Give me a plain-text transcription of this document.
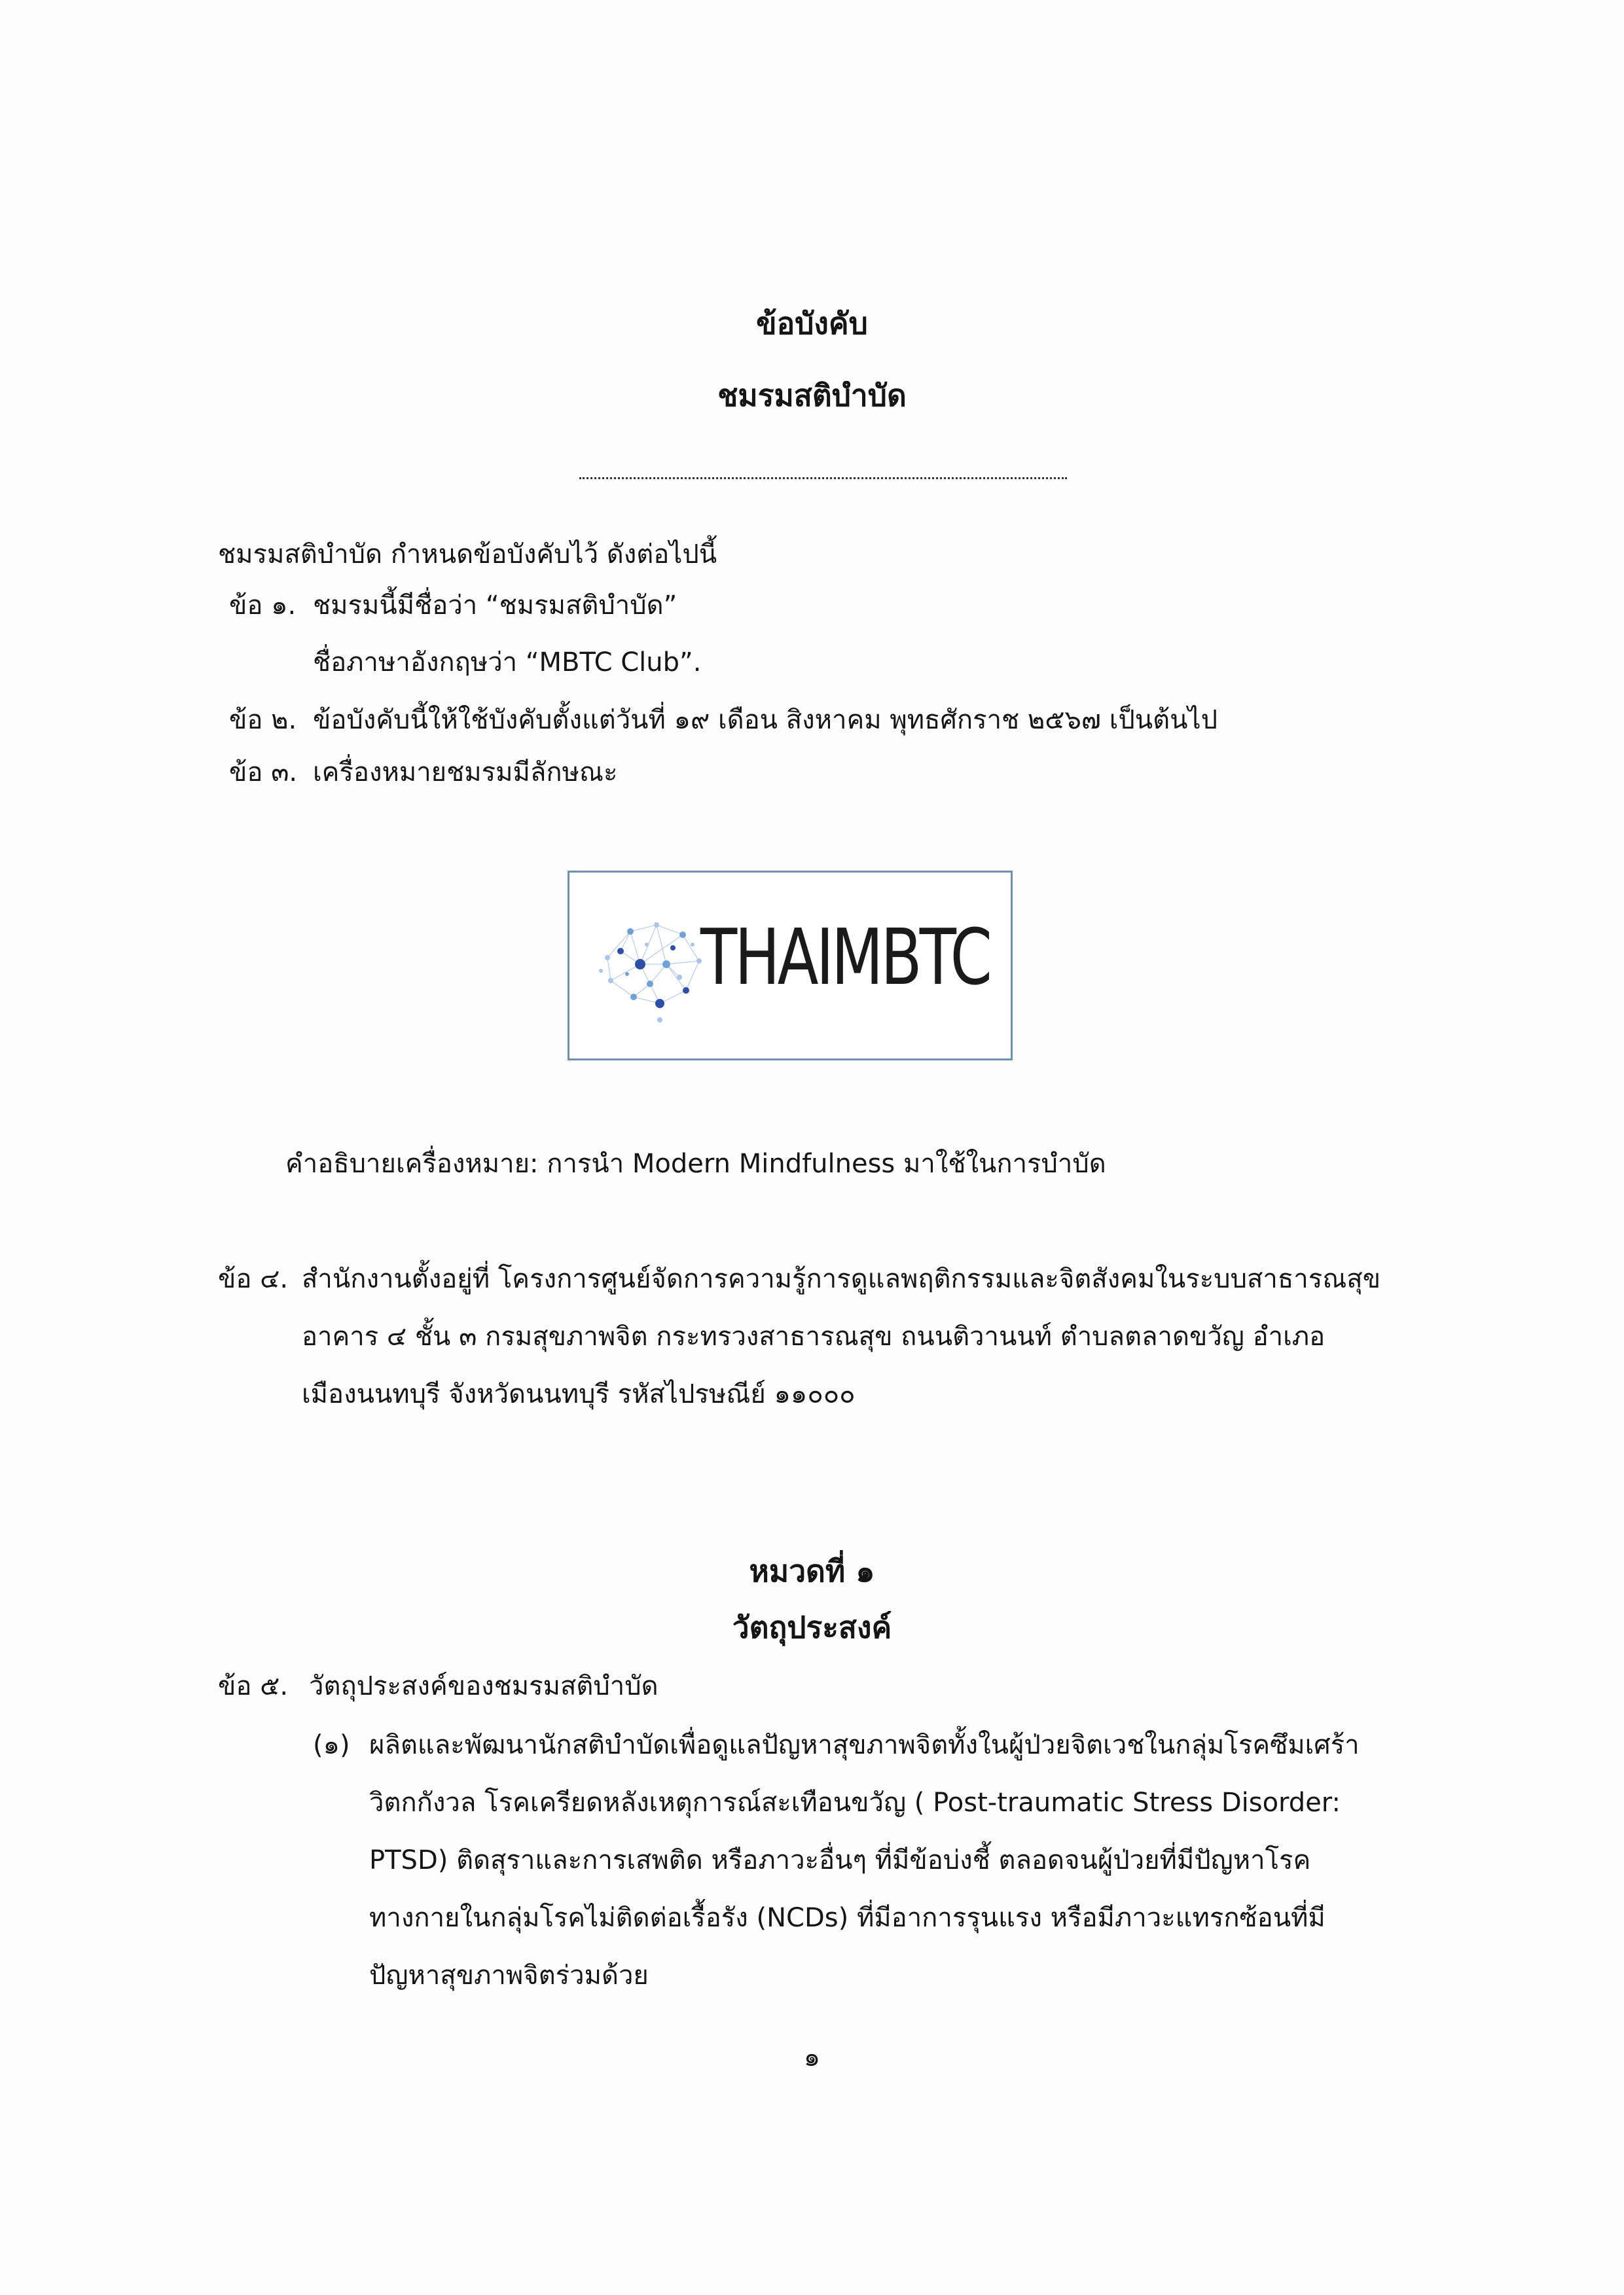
ข้อบังคับ
ชมรมสติบำบัด
ชมรมสติบำบัด กำหนดข้อบังคับไว้ ดังต่อไปนี้
ข้อ ๑. ชมรมนี้มีชื่อว่า “ชมรมสติบำบัด”
ชื่อภาษาอังกฤษว่า “MBTC Club”.
ข้อ ๒. ข้อบังคับนี้ให้ใช้บังคับตั้งแต่วันที่ ๑๙ เดือน สิงหาคม พุทธศักราช ๒๕๖๗ เป็นต้นไป
ข้อ ๓. เครื่องหมายชมรมมีลักษณะ
THAIMBTC
คำอธิบายเครื่องหมาย: การนำ Modern Mindfulness มาใช้ในการบำบัด
ข้อ ๔. สำนักงานตั้งอยู่ที่ โครงการศูนย์จัดการความรู้การดูแลพฤติกรรมและจิตสังคมในระบบสาธารณสุข
อาคาร ๔ ชั้น ๓ กรมสุขภาพจิต กระทรวงสาธารณสุข ถนนติวานนท์ ตำบลตลาดขวัญ อำเภอ
เมืองนนทบุรี จังหวัดนนทบุรี รหัสไปรษณีย์ ๑๑๐๐๐
หมวดที่ ๑
วัตถุประสงค์
ข้อ ๕. วัตถุประสงค์ของชมรมสติบำบัด
(๑) ผลิตและพัฒนานักสติบำบัดเพื่อดูแลปัญหาสุขภาพจิตทั้งในผู้ป่วยจิตเวชในกลุ่มโรคซึมเศร้า
วิตกกังวล โรคเครียดหลังเหตุการณ์สะเทือนขวัญ ( Post-traumatic Stress Disorder:
PTSD) ติดสุราและการเสพติด หรือภาวะอื่นๆ ที่มีข้อบ่งชี้ ตลอดจนผู้ป่วยที่มีปัญหาโรค
ทางกายในกลุ่มโรคไม่ติดต่อเรื้อรัง (NCDs) ที่มีอาการรุนแรง หรือมีภาวะแทรกซ้อนที่มี
ปัญหาสุขภาพจิตร่วมด้วย
๑
